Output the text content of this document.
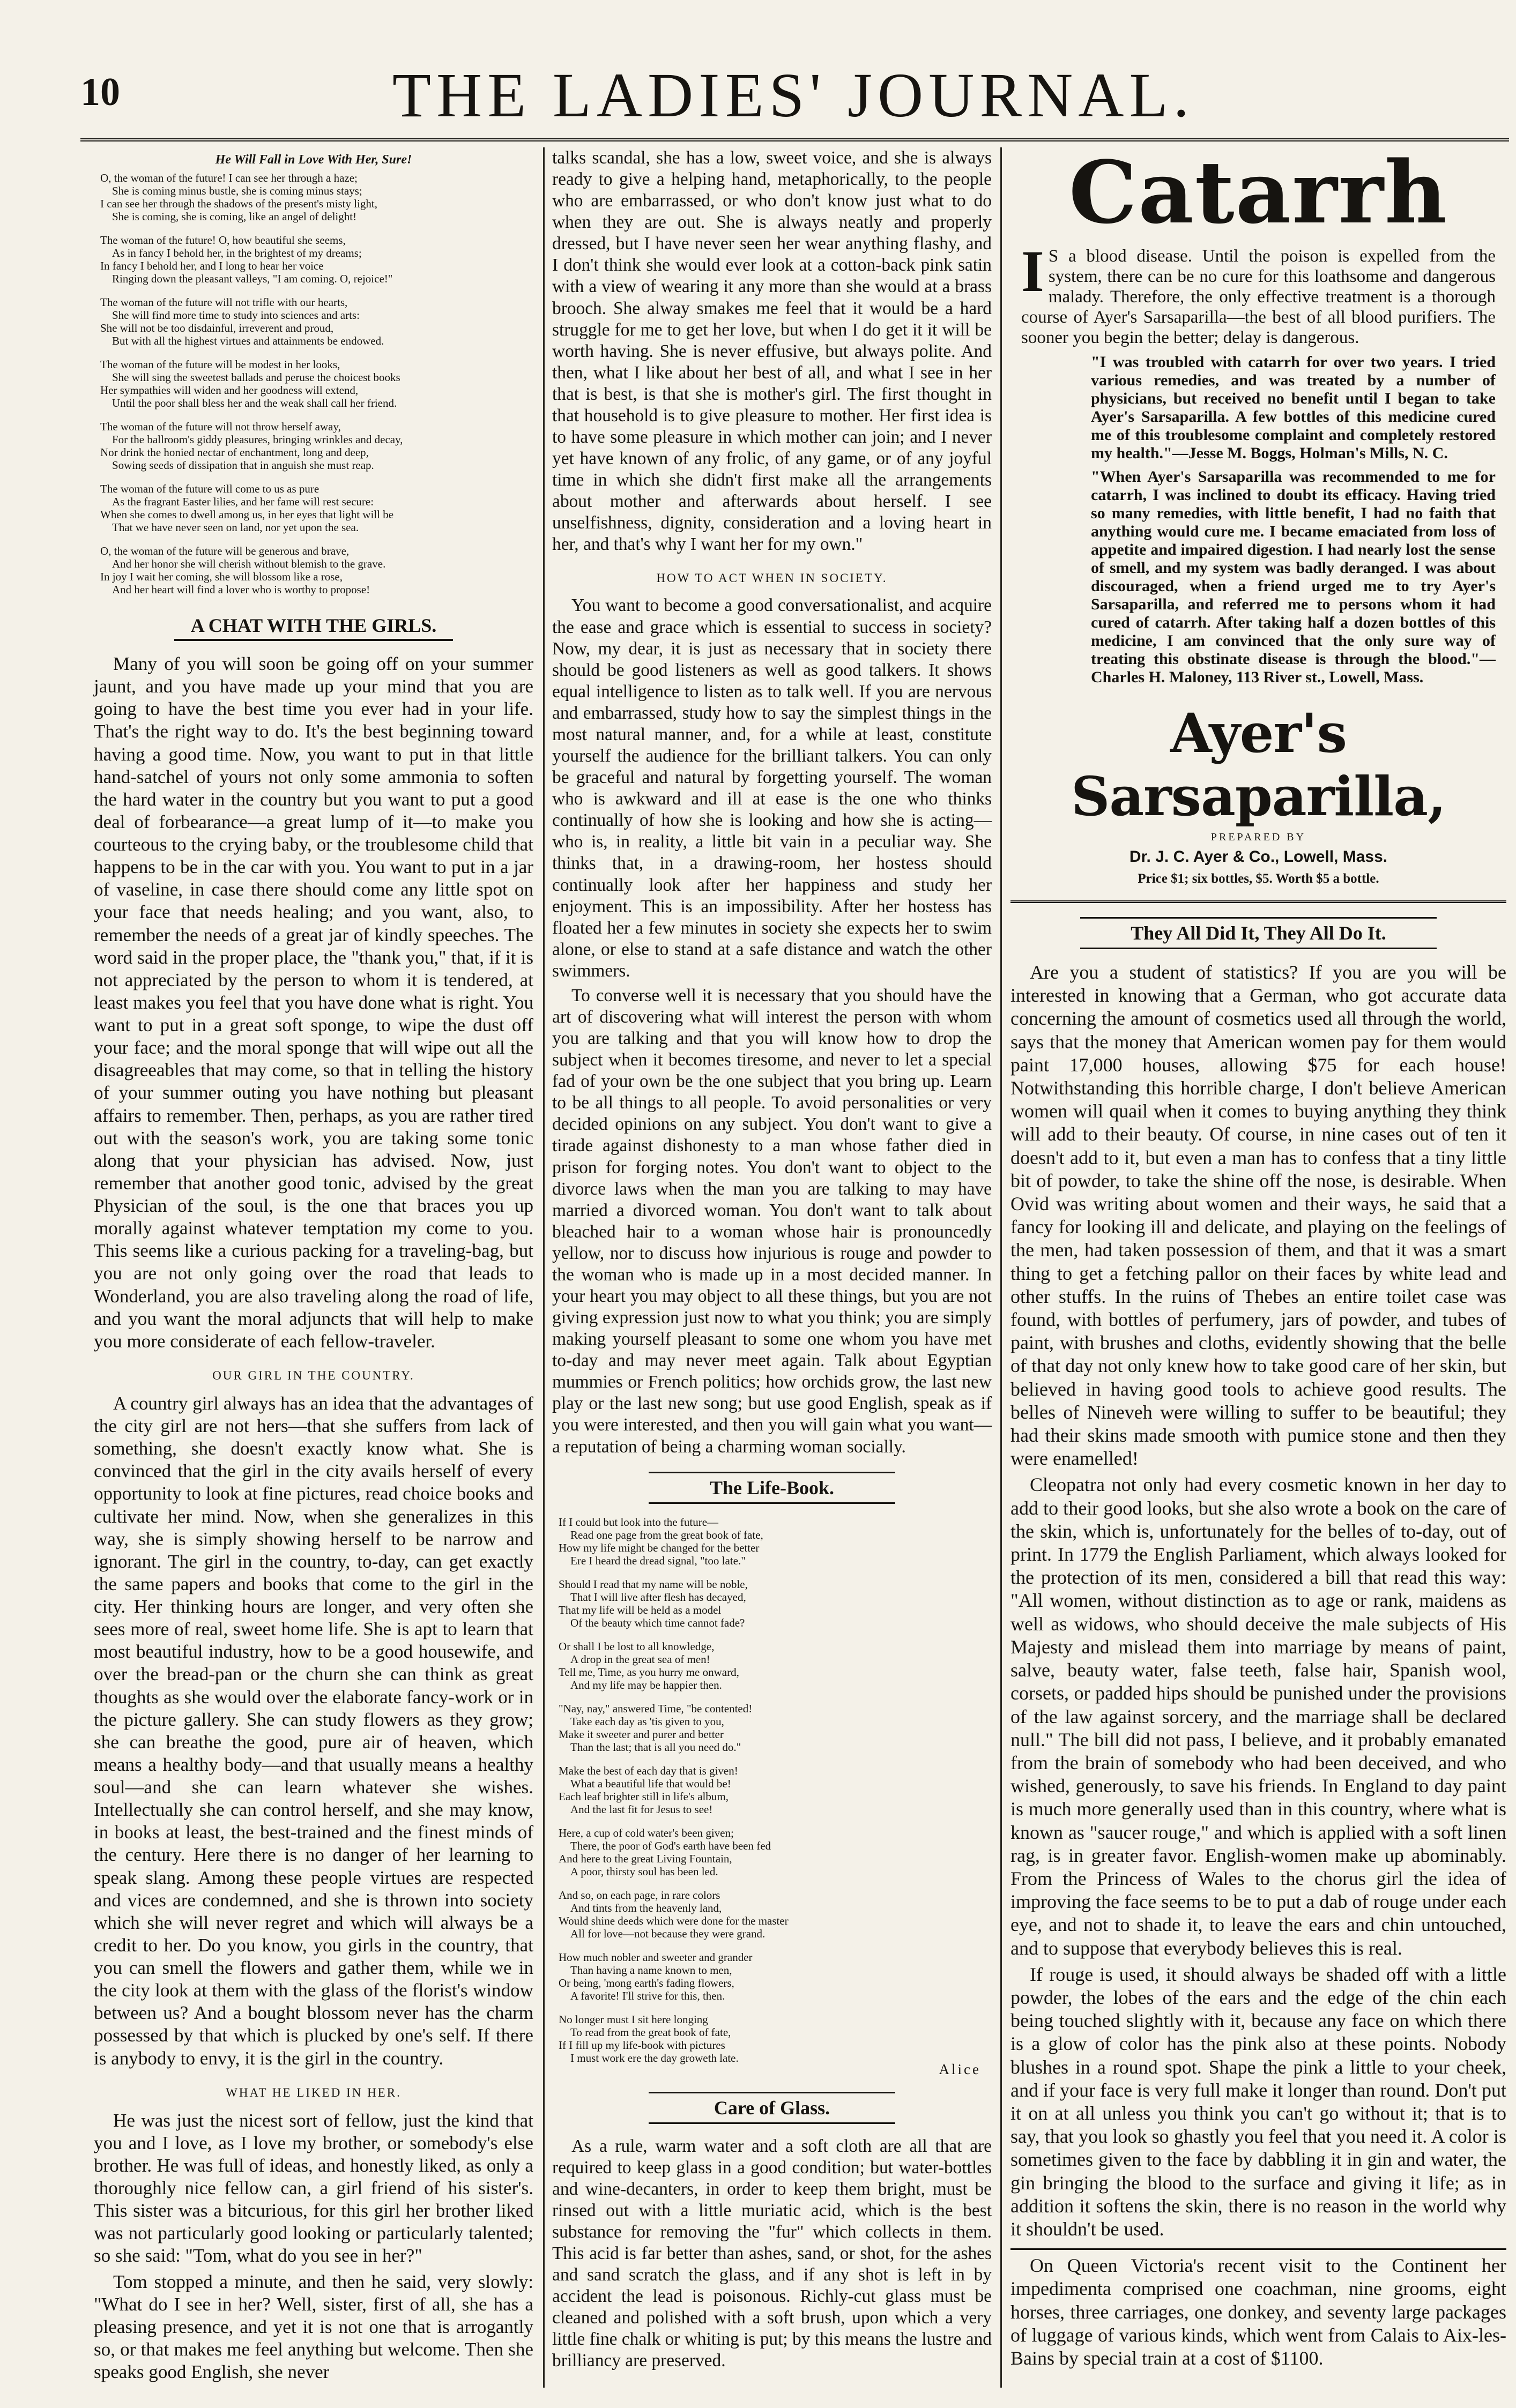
10	THE LADIES' JOURNAL.
He Will Fall in Love With Her, Sure!

O, the woman of the future! I can see her through a haze;

She is coming minus bustle, she is coming minus stays;

I can see her through the shadows of the present's misty light,

She is coming, she is coming, like an angel of delight!

The woman of the future! O, how beautiful she seems,

As in fancy I behold her, in the brightest of my dreams;

In fancy I behold her, and I long to hear her voice

Ringing down the pleasant valleys, "I am coming. O, rejoice!"

The woman of the future will not trifle with our hearts,

She will find more time to study into sciences and arts:

She will not be too disdainful, irreverent and proud,

But with all the highest virtues and attainments be endowed.

The woman of the future will be modest in her looks,

She will sing the sweetest ballads and peruse the choicest books

Her sympathies will widen and her goodness will extend,

Until the poor shall bless her and the weak shall call her friend.

The woman of the future will not throw herself away,

For the ballroom's giddy pleasures, bringing wrinkles and decay,

Nor drink the honied nectar of enchantment, long and deep,

Sowing seeds of dissipation that in anguish she must reap.

The woman of the future will come to us as pure

As the fragrant Easter lilies, and her fame will rest secure:

When she comes to dwell among us, in her eyes that light will be

That we have never seen on land, nor yet upon the sea.

O, the woman of the future will be generous and brave,

And her honor she will cherish without blemish to the grave.

In joy I wait her coming, she will blossom like a rose,

And her heart will find a lover who is worthy to propose!

A CHAT WITH THE GIRLS.

Many of you will soon be going off on your summer jaunt, and you have made up your mind that you are going to have the best time you ever had in your life. That's the right way to do. It's the best beginning toward having a good time. Now, you want to put in that little hand-satchel of yours not only some ammonia to soften the hard water in the country but you want to put a good deal of forbearance—a great lump of it—to make you courteous to the crying baby, or the troublesome child that happens to be in the car with you. You want to put in a jar of vaseline, in case there should come any little spot on your face that needs healing; and you want, also, to remember the needs of a great jar of kindly speeches. The word said in the proper place, the "thank you," that, if it is not appreciated by the person to whom it is tendered, at least makes you feel that you have done what is right. You want to put in a great soft sponge, to wipe the dust off your face; and the moral sponge that will wipe out all the disagreeables that may come, so that in telling the history of your summer outing you have nothing but pleasant affairs to remember. Then, perhaps, as you are rather tired out with the season's work, you are taking some tonic along that your physician has advised. Now, just remember that another good tonic, advised by the great Physician of the soul, is the one that braces you up morally against whatever temptation my come to you. This seems like a curious packing for a traveling-bag, but you are not only going over the road that leads to Wonderland, you are also traveling along the road of life, and you want the moral adjuncts that will help to make you more considerate of each fellow-traveler.

OUR GIRL IN THE COUNTRY.

A country girl always has an idea that the advantages of the city girl are not hers—that she suffers from lack of something, she doesn't exactly know what. She is convinced that the girl in the city avails herself of every opportunity to look at fine pictures, read choice books and cultivate her mind. Now, when she generalizes in this way, she is simply showing herself to be narrow and ignorant. The girl in the country, to-day, can get exactly the same papers and books that come to the girl in the city. Her thinking hours are longer, and very often she sees more of real, sweet home life. She is apt to learn that most beautiful industry, how to be a good housewife, and over the bread-pan or the churn she can think as great thoughts as she would over the elaborate fancy-work or in the picture gallery. She can study flowers as they grow; she can breathe the good, pure air of heaven, which means a healthy body—and that usually means a healthy soul—and she can learn whatever she wishes. Intellectually she can control herself, and she may know, in books at least, the best-trained and the finest minds of the century. Here there is no danger of her learning to speak slang. Among these people virtues are respected and vices are condemned, and she is thrown into society which she will never regret and which will always be a credit to her. Do you know, you girls in the country, that you can smell the flowers and gather them, while we in the city look at them with the glass of the florist's window between us? And a bought blossom never has the charm possessed by that which is plucked by one's self. If there is anybody to envy, it is the girl in the country.

WHAT HE LIKED IN HER.

He was just the nicest sort of fellow, just the kind that you and I love, as I love my brother, or somebody's else brother. He was full of ideas, and honestly liked, as only a thoroughly nice fellow can, a girl friend of his sister's. This sister was a bitcurious, for this girl her brother liked was not particularly good looking or particularly talented; so she said: "Tom, what do you see in her?"

Tom stopped a minute, and then he said, very slowly: "What do I see in her? Well, sister, first of all, she has a pleasing presence, and yet it is not one that is arrogantly so, or that makes me feel anything but welcome. Then she speaks good English, she never

talks scandal, she has a low, sweet voice, and she is always ready to give a helping hand, metaphorically, to the people who are embarrassed, or who don't know just what to do when they are out. She is always neatly and properly dressed, but I have never seen her wear anything flashy, and I don't think she would ever look at a cotton-back pink satin with a view of wearing it any more than she would at a brass brooch. She alway smakes me feel that it would be a hard struggle for me to get her love, but when I do get it it will be worth having. She is never effusive, but always polite. And then, what I like about her best of all, and what I see in her that is best, is that she is mother's girl. The first thought in that household is to give pleasure to mother. Her first idea is to have some pleasure in which mother can join; and I never yet have known of any frolic, of any game, or of any joyful time in which she didn't first make all the arrangements about mother and afterwards about herself. I see unselfishness, dignity, consideration and a loving heart in her, and that's why I want her for my own."

HOW TO ACT WHEN IN SOCIETY.

You want to become a good conversationalist, and acquire the ease and grace which is essential to success in society? Now, my dear, it is just as necessary that in society there should be good listeners as well as good talkers. It shows equal intelligence to listen as to talk well. If you are nervous and embarrassed, study how to say the simplest things in the most natural manner, and, for a while at least, constitute yourself the audience for the brilliant talkers. You can only be graceful and natural by forgetting yourself. The woman who is awkward and ill at ease is the one who thinks continually of how she is looking and how she is acting—who is, in reality, a little bit vain in a peculiar way. She thinks that, in a drawing-room, her hostess should continually look after her happiness and study her enjoyment. This is an impossibility. After her hostess has floated her a few minutes in society she expects her to swim alone, or else to stand at a safe distance and watch the other swimmers.

To converse well it is necessary that you should have the art of discovering what will interest the person with whom you are talking and that you will know how to drop the subject when it becomes tiresome, and never to let a special fad of your own be the one subject that you bring up. Learn to be all things to all people. To avoid personalities or very decided opinions on any subject. You don't want to give a tirade against dishonesty to a man whose father died in prison for forging notes. You don't want to object to the divorce laws when the man you are talking to may have married a divorced woman. You don't want to talk about bleached hair to a woman whose hair is pronouncedly yellow, nor to discuss how injurious is rouge and powder to the woman who is made up in a most decided manner. In your heart you may object to all these things, but you are not giving expression just now to what you think; you are simply making yourself pleasant to some one whom you have met to-day and may never meet again. Talk about Egyptian mummies or French politics; how orchids grow, the last new play or the last new song; but use good English, speak as if you were interested, and then you will gain what you want—a reputation of being a charming woman socially.

The Life-Book.

If I could but look into the future—

Read one page from the great book of fate,

How my life might be changed for the better

Ere I heard the dread signal, "too late."

Should I read that my name will be noble,

That I will live after flesh has decayed,

That my life will be held as a model

Of the beauty which time cannot fade?

Or shall I be lost to all knowledge,

A drop in the great sea of men!

Tell me, Time, as you hurry me onward,

And my life may be happier then.

"Nay, nay," answered Time, "be contented!

Take each day as 'tis given to you,

Make it sweeter and purer and better

Than the last; that is all you need do."

Make the best of each day that is given!

What a beautiful life that would be!

Each leaf brighter still in life's album,

And the last fit for Jesus to see!

Here, a cup of cold water's been given;

There, the poor of God's earth have been fed

And here to the great Living Fountain,

A poor, thirsty soul has been led.

And so, on each page, in rare colors

And tints from the heavenly land,

Would shine deeds which were done for the master

All for love—not because they were grand.

How much nobler and sweeter and grander

Than having a name known to men,

Or being, 'mong earth's fading flowers,

A favorite! I'll strive for this, then.

No longer must I sit here longing

To read from the great book of fate,

If I fill up my life-book with pictures

I must work ere the day groweth late.

Alice
Care of Glass.

As a rule, warm water and a soft cloth are all that are required to keep glass in a good condition; but water-bottles and wine-decanters, in order to keep them bright, must be rinsed out with a little muriatic acid, which is the best substance for removing the "fur" which collects in them. This acid is far better than ashes, sand, or shot, for the ashes and sand scratch the glass, and if any shot is left in by accident the lead is poisonous. Richly-cut glass must be cleaned and polished with a soft brush, upon which a very little fine chalk or whiting is put; by this means the lustre and brilliancy are preserved.

Catarrh
I S a blood disease. Until the poison is expelled from the system, there can be no cure for this loathsome and dangerous malady. Therefore, the only effective treatment is a thorough course of Ayer's Sarsaparilla—the best of all blood purifiers. The sooner you begin the better; delay is dangerous.
"I was troubled with catarrh for over two years. I tried various remedies, and was treated by a number of physicians, but received no benefit until I began to take Ayer's Sarsaparilla. A few bottles of this medicine cured me of this troublesome complaint and completely restored my health."—Jesse M. Boggs, Holman's Mills, N. C.
"When Ayer's Sarsaparilla was recommended to me for catarrh, I was inclined to doubt its efficacy. Having tried so many remedies, with little benefit, I had no faith that anything would cure me. I became emaciated from loss of appetite and impaired digestion. I had nearly lost the sense of smell, and my system was badly deranged. I was about discouraged, when a friend urged me to try Ayer's Sarsaparilla, and referred me to persons whom it had cured of catarrh. After taking half a dozen bottles of this medicine, I am convinced that the only sure way of treating this obstinate disease is through the blood."—Charles H. Maloney, 113 River st., Lowell, Mass.
Ayer's Sarsaparilla,
PREPARED BY
Dr. J. C. Ayer & Co., Lowell, Mass.
Price $1; six bottles, $5. Worth $5 a bottle.
They All Did It, They All Do It.

Are you a student of statistics? If you are you will be interested in knowing that a German, who got accurate data concerning the amount of cosmetics used all through the world, says that the money that American women pay for them would paint 17,000 houses, allowing $75 for each house! Notwithstanding this horrible charge, I don't believe American women will quail when it comes to buying anything they think will add to their beauty. Of course, in nine cases out of ten it doesn't add to it, but even a man has to confess that a tiny little bit of powder, to take the shine off the nose, is desirable. When Ovid was writing about women and their ways, he said that a fancy for looking ill and delicate, and playing on the feelings of the men, had taken possession of them, and that it was a smart thing to get a fetching pallor on their faces by white lead and other stuffs. In the ruins of Thebes an entire toilet case was found, with bottles of perfumery, jars of powder, and tubes of paint, with brushes and cloths, evidently showing that the belle of that day not only knew how to take good care of her skin, but believed in having good tools to achieve good results. The belles of Nineveh were willing to suffer to be beautiful; they had their skins made smooth with pumice stone and then they were enamelled!

Cleopatra not only had every cosmetic known in her day to add to their good looks, but she also wrote a book on the care of the skin, which is, unfortunately for the belles of to-day, out of print. In 1779 the English Parliament, which always looked for the protection of its men, considered a bill that read this way: "All women, without distinction as to age or rank, maidens as well as widows, who should deceive the male subjects of His Majesty and mislead them into marriage by means of paint, salve, beauty water, false teeth, false hair, Spanish wool, corsets, or padded hips should be punished under the provisions of the law against sorcery, and the marriage shall be declared null." The bill did not pass, I believe, and it probably emanated from the brain of somebody who had been deceived, and who wished, generously, to save his friends. In England to day paint is much more generally used than in this country, where what is known as "saucer rouge," and which is applied with a soft linen rag, is in greater favor. English-women make up abominably. From the Princess of Wales to the chorus girl the idea of improving the face seems to be to put a dab of rouge under each eye, and not to shade it, to leave the ears and chin untouched, and to suppose that everybody believes this is real.

If rouge is used, it should always be shaded off with a little powder, the lobes of the ears and the edge of the chin each being touched slightly with it, because any face on which there is a glow of color has the pink also at these points. Nobody blushes in a round spot. Shape the pink a little to your cheek, and if your face is very full make it longer than round. Don't put it on at all unless you think you can't go without it; that is to say, that you look so ghastly you feel that you need it. A color is sometimes given to the face by dabbling it in gin and water, the gin bringing the blood to the surface and giving it life; as in addition it softens the skin, there is no reason in the world why it shouldn't be used.

On Queen Victoria's recent visit to the Continent her impedimenta comprised one coachman, nine grooms, eight horses, three carriages, one donkey, and seventy large packages of luggage of various kinds, which went from Calais to Aix-les-Bains by special train at a cost of $1100.
